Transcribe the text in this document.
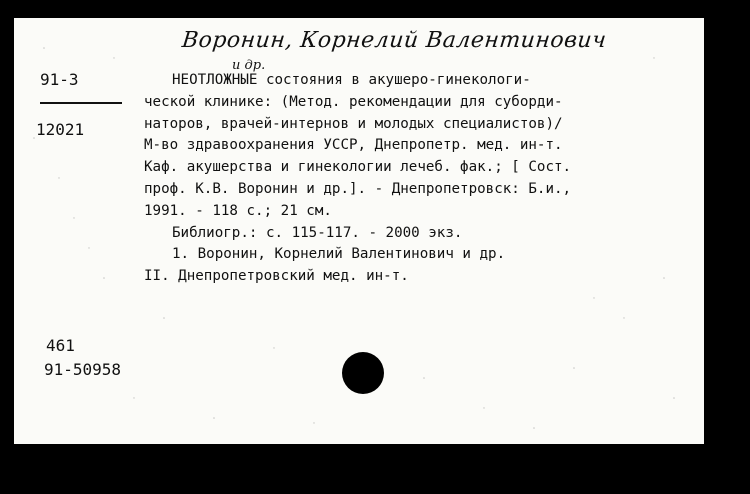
Воронин, Корнелий Валентинович
и др.
91-3
12021
НЕОТЛОЖНЫЕ состояния в акушеро-гинекологи-
ческой клинике: (Метод. рекомендации для суборди-
наторов, врачей-интернов и молодых специалистов)/
М-во здравоохранения УССР, Днепропетр. мед. ин-т.
Каф. акушерства и гинекологии лечеб. фак.; [ Сост.
проф. К.В. Воронин и др.]. - Днепропетровск: Б.и.,
1991. - 118 с.; 21 см.
Библиогр.: с. 115-117. - 2000 экз.
1. Воронин, Корнелий Валентинович и др.
II. Днепропетровский мед. ин-т.
461
91-50958
